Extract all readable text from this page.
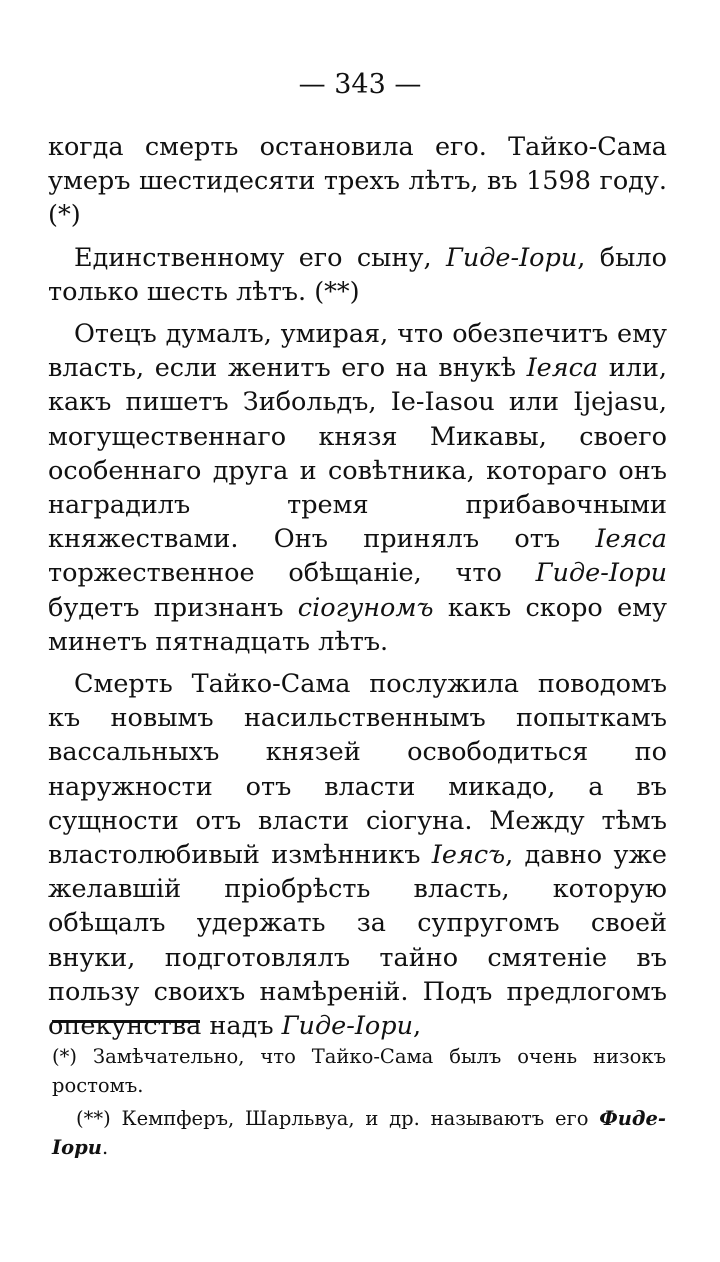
— 343 —

когда смерть остановила его. Тайко-Сама умеръ шестидесяти трехъ лѣтъ, въ 1598 году. (*)

Единственному его сыну, Гиде-Іори, было только шесть лѣтъ. (**)

Отецъ думалъ, умирая, что обезпечитъ ему власть, если женитъ его на внукѣ Іеяса или, какъ пишетъ Зибольдъ, Ie-Iasou или Ijejasu, могущественнаго князя Микавы, своего особеннаго друга и совѣтника, котораго онъ наградилъ тремя прибавочными княжествами. Онъ принялъ отъ Іеяса торжественное обѣщаніе, что Гиде-Іори будетъ признанъ сіогуномъ какъ скоро ему минетъ пятнадцать лѣтъ.

Смерть Тайко-Сама послужила поводомъ къ новымъ насильственнымъ попыткамъ вассальныхъ князей освободиться по наружности отъ власти микадо, а въ сущности отъ власти сіогуна. Между тѣмъ властолюбивый измѣнникъ Іеясъ, давно уже желавшій пріобрѣсть власть, которую обѣщалъ удержать за супругомъ своей внуки, подготовлялъ тайно смятеніе въ пользу своихъ намѣреній. Подъ предлогомъ опекунства надъ Гиде-Іори,

(*) Замѣчательно, что Тайко-Сама былъ очень низокъ ростомъ.

(**) Кемпферъ, Шарльвуа, и др. называютъ его Фиде-Іори.
